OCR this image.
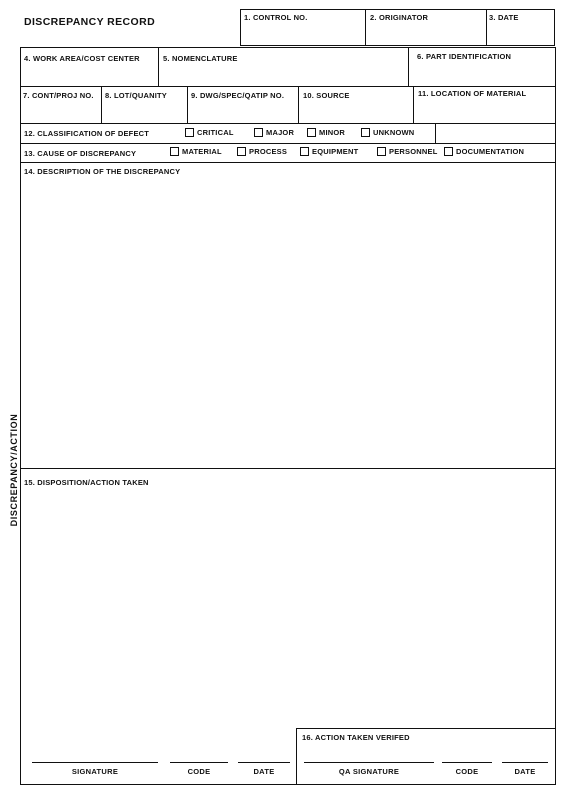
DISCREPANCY RECORD	1. CONTROL NO.	2. ORIGINATOR	3. DATE
4. WORK AREA/COST CENTER	5. NOMENCLATURE	6. PART IDENTIFICATION
7. CONT/PROJ NO. 8. LOT/QUANITY	9. DWG/SPEC/QATIP NO.	10. SOURCE	11. LOCATION OF MATERIAL
12. CLASSIFICATION OF DEFECT	CRITICAL	MAJOR	MINOR	UNKNOWN
13. CAUSE OF DISCREPANCY	MATERIAL	PROCESS	EQUIPMENT	PERSONNEL DOCUMENTATION
14. DESCRIPTION OF THE DISCREPANCY
15. DISPOSITION/ACTION TAKEN
16. ACTION TAKEN VERIFED
SIGNATURE	CODE	DATE	QA SIGNATURE	CODE	DATE
DISCREPANCY/ACTION
